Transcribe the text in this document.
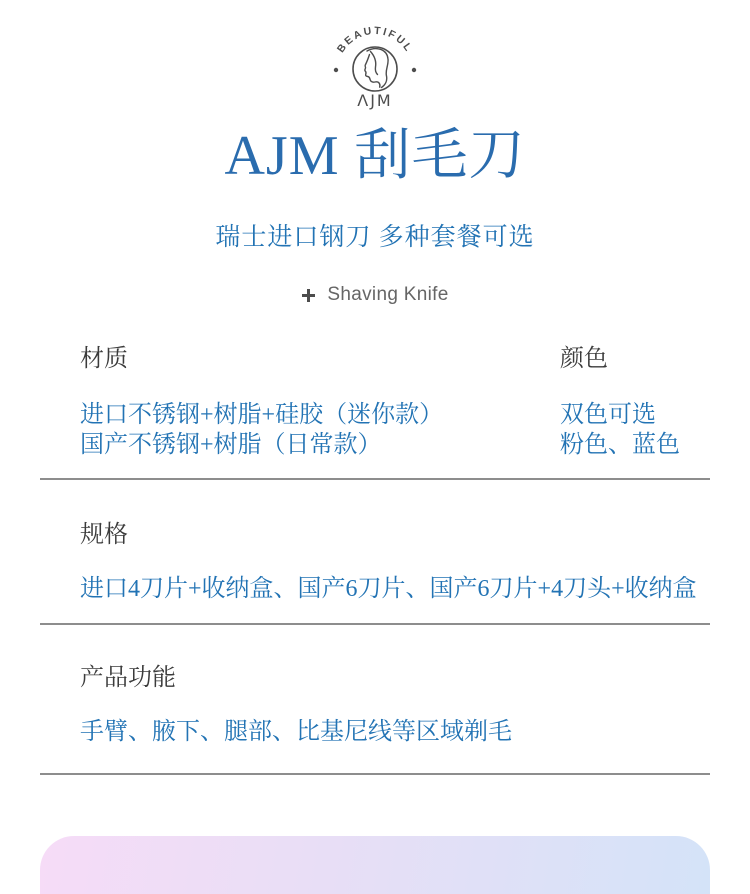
BEAUTIFUL
ΛJM
AJM 刮毛刀
瑞士进口钢刀 多种套餐可选
Shaving Knife
材质
进口不锈钢+树脂+硅胶（迷你款）
国产不锈钢+树脂（日常款）
颜色
双色可选
粉色、蓝色
规格
进口4刀片+收纳盒、国产6刀片、国产6刀片+4刀头+收纳盒
产品功能
手臂、腋下、腿部、比基尼线等区域剃毛
